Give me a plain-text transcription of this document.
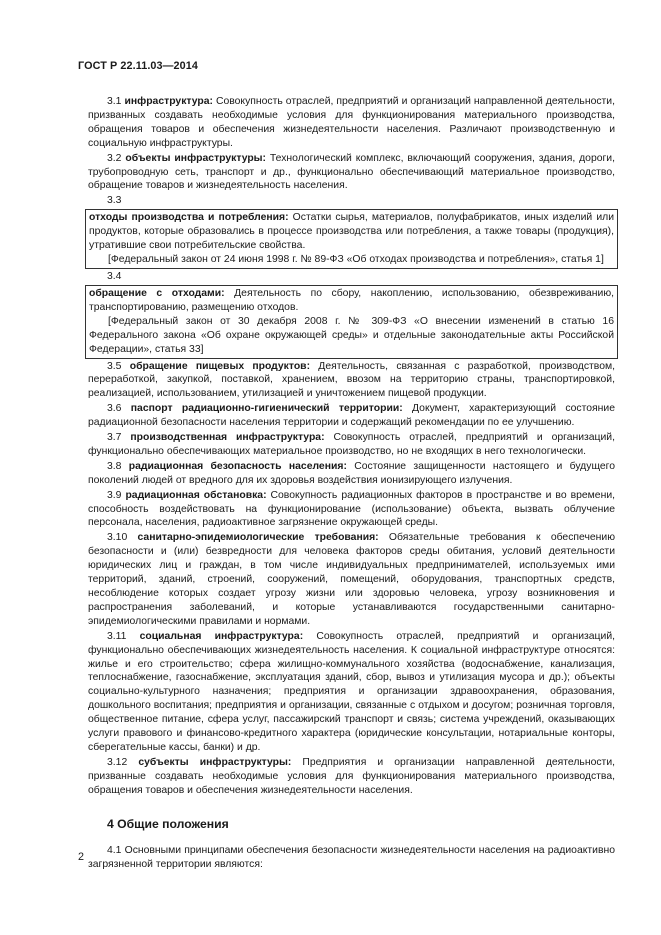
ГОСТ Р 22.11.03—2014

3.1 инфраструктура: Совокупность отраслей, предприятий и организаций направленной деятельности, призванных создавать необходимые условия для функционирования материального производства, обращения товаров и обеспечения жизнедеятельности населения. Различают производственную и социальную инфраструктуры.

3.2 объекты инфраструктуры: Технологический комплекс, включающий сооружения, здания, дороги, трубопроводную сеть, транспорт и др., функционально обеспечивающий материальное производство, обращение товаров и жизнедеятельность населения.

3.3

отходы производства и потребления: Остатки сырья, материалов, полуфабрикатов, иных изделий или продуктов, которые образовались в процессе производства или потребления, а также товары (продукция), утратившие свои потребительские свойства.

[Федеральный закон от 24 июня 1998 г. № 89-ФЗ «Об отходах производства и потребления», статья 1]

3.4

обращение с отходами: Деятельность по сбору, накоплению, использованию, обезвреживанию, транспортированию, размещению отходов.

[Федеральный закон от 30 декабря 2008 г. № 309-ФЗ «О внесении изменений в статью 16 Федерального закона «Об охране окружающей среды» и отдельные законодательные акты Российской Федерации», статья 33]

3.5 обращение пищевых продуктов: Деятельность, связанная с разработкой, производством, переработкой, закупкой, поставкой, хранением, ввозом на территорию страны, транспортировкой, реализацией, использованием, утилизацией и уничтожением пищевой продукции.

3.6 паспорт радиационно-гигиенический территории: Документ, характеризующий состояние радиационной безопасности населения территории и содержащий рекомендации по ее улучшению.

3.7 производственная инфраструктура: Совокупность отраслей, предприятий и организаций, функционально обеспечивающих материальное производство, но не входящих в него технологически.

3.8 радиационная безопасность населения: Состояние защищенности настоящего и будущего поколений людей от вредного для их здоровья воздействия ионизирующего излучения.

3.9 радиационная обстановка: Совокупность радиационных факторов в пространстве и во времени, способность воздействовать на функционирование (использование) объекта, вызвать облучение персонала, населения, радиоактивное загрязнение окружающей среды.

3.10 санитарно-эпидемиологические требования: Обязательные требования к обеспечению безопасности и (или) безвредности для человека факторов среды обитания, условий деятельности юридических лиц и граждан, в том числе индивидуальных предпринимателей, используемых ими территорий, зданий, строений, сооружений, помещений, оборудования, транспортных средств, несоблюдение которых создает угрозу жизни или здоровью человека, угрозу возникновения и распространения заболеваний, и которые устанавливаются государственными санитарно-эпидемиологическими правилами и нормами.

3.11 социальная инфраструктура: Совокупность отраслей, предприятий и организаций, функционально обеспечивающих жизнедеятельность населения. К социальной инфраструктуре относятся: жилье и его строительство; сфера жилищно-коммунального хозяйства (водоснабжение, канализация, теплоснабжение, газоснабжение, эксплуатация зданий, сбор, вывоз и утилизация мусора и др.); объекты социально-культурного назначения; предприятия и организации здравоохранения, образования, дошкольного воспитания; предприятия и организации, связанные с отдыхом и досугом; розничная торговля, общественное питание, сфера услуг, пассажирский транспорт и связь; система учреждений, оказывающих услуги правового и финансово-кредитного характера (юридические консультации, нотариальные конторы, сберегательные кассы, банки) и др.

3.12 субъекты инфраструктуры: Предприятия и организации направленной деятельности, призванные создавать необходимые условия для функционирования материального производства, обращения товаров и обеспечения жизнедеятельности населения.

4 Общие положения

4.1 Основными принципами обеспечения безопасности жизнедеятельности населения на радиоактивно загрязненной территории являются:

2
